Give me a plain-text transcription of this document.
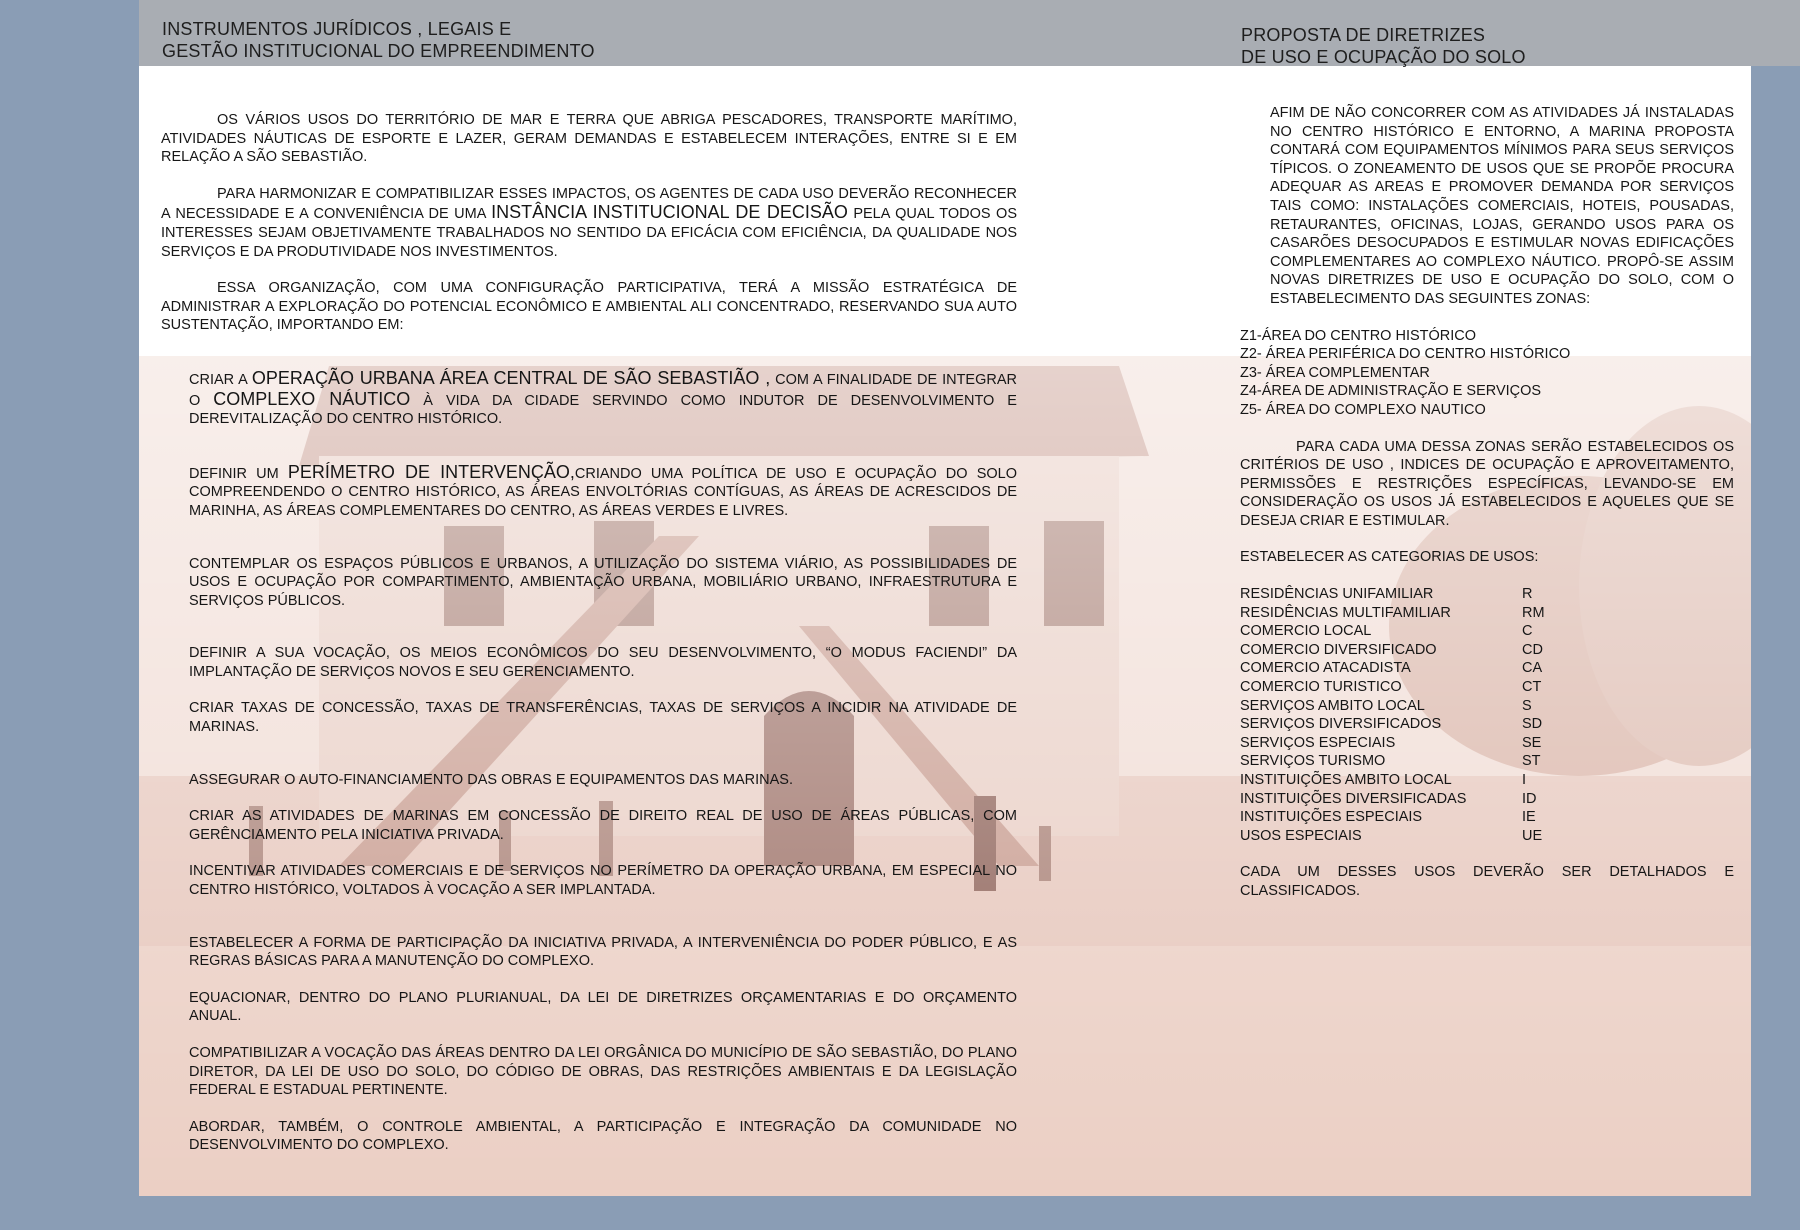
INSTRUMENTOS JURÍDICOS , LEGAIS E
GESTÃO INSTITUCIONAL DO EMPREENDIMENTO
PROPOSTA DE DIRETRIZES
DE USO E OCUPAÇÃO DO SOLO

OS VÁRIOS USOS DO TERRITÓRIO DE MAR E TERRA QUE ABRIGA PESCADORES, TRANSPORTE MARÍTIMO, ATIVIDADES NÁUTICAS DE ESPORTE E LAZER, GERAM DEMANDAS E ESTABELECEM INTERAÇÕES, ENTRE SI E EM RELAÇÃO A SÃO SEBASTIÃO.

PARA HARMONIZAR E COMPATIBILIZAR ESSES IMPACTOS, OS AGENTES DE CADA USO DEVERÃO RECONHECER A NECESSIDADE E A CONVENIÊNCIA DE UMA INSTÂNCIA INSTITUCIONAL DE DECISÃO PELA QUAL TODOS OS INTERESSES SEJAM OBJETIVAMENTE TRABALHADOS NO SENTIDO DA EFICÁCIA COM EFICIÊNCIA, DA QUALIDADE NOS SERVIÇOS E DA PRODUTIVIDADE NOS INVESTIMENTOS.

ESSA ORGANIZAÇÃO, COM UMA CONFIGURAÇÃO PARTICIPATIVA, TERÁ A MISSÃO ESTRATÉGICA DE ADMINISTRAR A EXPLORAÇÃO DO POTENCIAL ECONÔMICO E AMBIENTAL ALI CONCENTRADO, RESERVANDO SUA AUTO SUSTENTAÇÃO, IMPORTANDO EM:

CRIAR A OPERAÇÃO URBANA ÁREA CENTRAL DE SÃO SEBASTIÃO , COM A FINALIDADE DE INTEGRAR O COMPLEXO NÁUTICO À VIDA DA CIDADE SERVINDO COMO INDUTOR DE DESENVOLVIMENTO E DEREVITALIZAÇÃO DO CENTRO HISTÓRICO.

DEFINIR UM PERÍMETRO DE INTERVENÇÃO,CRIANDO UMA POLÍTICA DE USO E OCUPAÇÃO DO SOLO COMPREENDENDO O CENTRO HISTÓRICO, AS ÁREAS ENVOLTÓRIAS CONTÍGUAS, AS ÁREAS DE ACRESCIDOS DE MARINHA, AS ÁREAS COMPLEMENTARES DO CENTRO, AS ÁREAS VERDES E LIVRES.

CONTEMPLAR OS ESPAÇOS PÚBLICOS E URBANOS, A UTILIZAÇÃO DO SISTEMA VIÁRIO, AS POSSIBILIDADES DE USOS E OCUPAÇÃO POR COMPARTIMENTO, AMBIENTAÇÃO URBANA, MOBILIÁRIO URBANO, INFRAESTRUTURA E SERVIÇOS PÚBLICOS.

DEFINIR A SUA VOCAÇÃO, OS MEIOS ECONÔMICOS DO SEU DESENVOLVIMENTO, “O MODUS FACIENDI” DA IMPLANTAÇÃO DE SERVIÇOS NOVOS E SEU GERENCIAMENTO.

CRIAR TAXAS DE CONCESSÃO, TAXAS DE TRANSFERÊNCIAS, TAXAS DE SERVIÇOS A INCIDIR NA ATIVIDADE DE MARINAS.

ASSEGURAR O AUTO-FINANCIAMENTO DAS OBRAS E EQUIPAMENTOS DAS MARINAS.

CRIAR AS ATIVIDADES DE MARINAS EM CONCESSÃO DE DIREITO REAL DE USO DE ÁREAS PÚBLICAS, COM GERÊNCIAMENTO PELA INICIATIVA PRIVADA.

INCENTIVAR ATIVIDADES COMERCIAIS E DE SERVIÇOS NO PERÍMETRO DA OPERAÇÃO URBANA, EM ESPECIAL NO CENTRO HISTÓRICO, VOLTADOS À VOCAÇÃO A SER IMPLANTADA.

ESTABELECER A FORMA DE PARTICIPAÇÃO DA INICIATIVA PRIVADA, A INTERVENIÊNCIA DO PODER PÚBLICO, E AS REGRAS BÁSICAS PARA A MANUTENÇÃO DO COMPLEXO.

EQUACIONAR, DENTRO DO PLANO PLURIANUAL, DA LEI DE DIRETRIZES ORÇAMENTARIAS E DO ORÇAMENTO ANUAL.

COMPATIBILIZAR A VOCAÇÃO DAS ÁREAS DENTRO DA LEI ORGÂNICA DO MUNICÍPIO DE SÃO SEBASTIÃO, DO PLANO DIRETOR, DA LEI DE USO DO SOLO, DO CÓDIGO DE OBRAS, DAS RESTRIÇÕES AMBIENTAIS E DA LEGISLAÇÃO FEDERAL E ESTADUAL PERTINENTE.

ABORDAR, TAMBÉM, O CONTROLE AMBIENTAL, A PARTICIPAÇÃO E INTEGRAÇÃO DA COMUNIDADE NO DESENVOLVIMENTO DO COMPLEXO.

AFIM DE NÃO CONCORRER COM AS ATIVIDADES JÁ INSTALADAS NO CENTRO HISTÓRICO E ENTORNO, A MARINA PROPOSTA CONTARÁ COM EQUIPAMENTOS MÍNIMOS PARA SEUS SERVIÇOS TÍPICOS. O ZONEAMENTO DE USOS QUE SE PROPÕE PROCURA ADEQUAR AS AREAS E PROMOVER DEMANDA POR SERVIÇOS TAIS COMO: INSTALAÇÕES COMERCIAIS, HOTEIS, POUSADAS, RETAURANTES, OFICINAS, LOJAS, GERANDO USOS PARA OS CASARÕES DESOCUPADOS E ESTIMULAR NOVAS EDIFICAÇÕES COMPLEMENTARES AO COMPLEXO NÁUTICO. PROPÔ-SE ASSIM NOVAS DIRETRIZES DE USO E OCUPAÇÃO DO SOLO, COM O ESTABELECIMENTO DAS SEGUINTES ZONAS:

Z1-ÁREA DO CENTRO HISTÓRICO
Z2- ÁREA PERIFÉRICA DO CENTRO HISTÓRICO
Z3- ÁREA COMPLEMENTAR
Z4-ÁREA DE ADMINISTRAÇÃO E SERVIÇOS
Z5- ÁREA DO COMPLEXO NAUTICO

PARA CADA UMA DESSA ZONAS SERÃO ESTABELECIDOS OS CRITÉRIOS DE USO , INDICES DE OCUPAÇÃO E APROVEITAMENTO, PERMISSÕES E RESTRIÇÕES ESPECÍFICAS, LEVANDO-SE EM CONSIDERAÇÃO OS USOS JÁ ESTABELECIDOS E AQUELES QUE SE DESEJA CRIAR E ESTIMULAR.

ESTABELECER AS CATEGORIAS DE USOS:

RESIDÊNCIAS UNIFAMILIAR	R
RESIDÊNCIAS MULTIFAMILIAR	RM
COMERCIO LOCAL	C
COMERCIO DIVERSIFICADO	CD
COMERCIO ATACADISTA	CA
COMERCIO TURISTICO	CT
SERVIÇOS AMBITO LOCAL	S
SERVIÇOS DIVERSIFICADOS	SD
SERVIÇOS ESPECIAIS	SE
SERVIÇOS TURISMO	ST
INSTITUIÇÕES AMBITO LOCAL	I
INSTITUIÇÕES DIVERSIFICADAS	ID
INSTITUIÇÕES ESPECIAIS	IE
USOS ESPECIAIS	UE

CADA UM DESSES USOS DEVERÃO SER DETALHADOS E CLASSIFICADOS.
